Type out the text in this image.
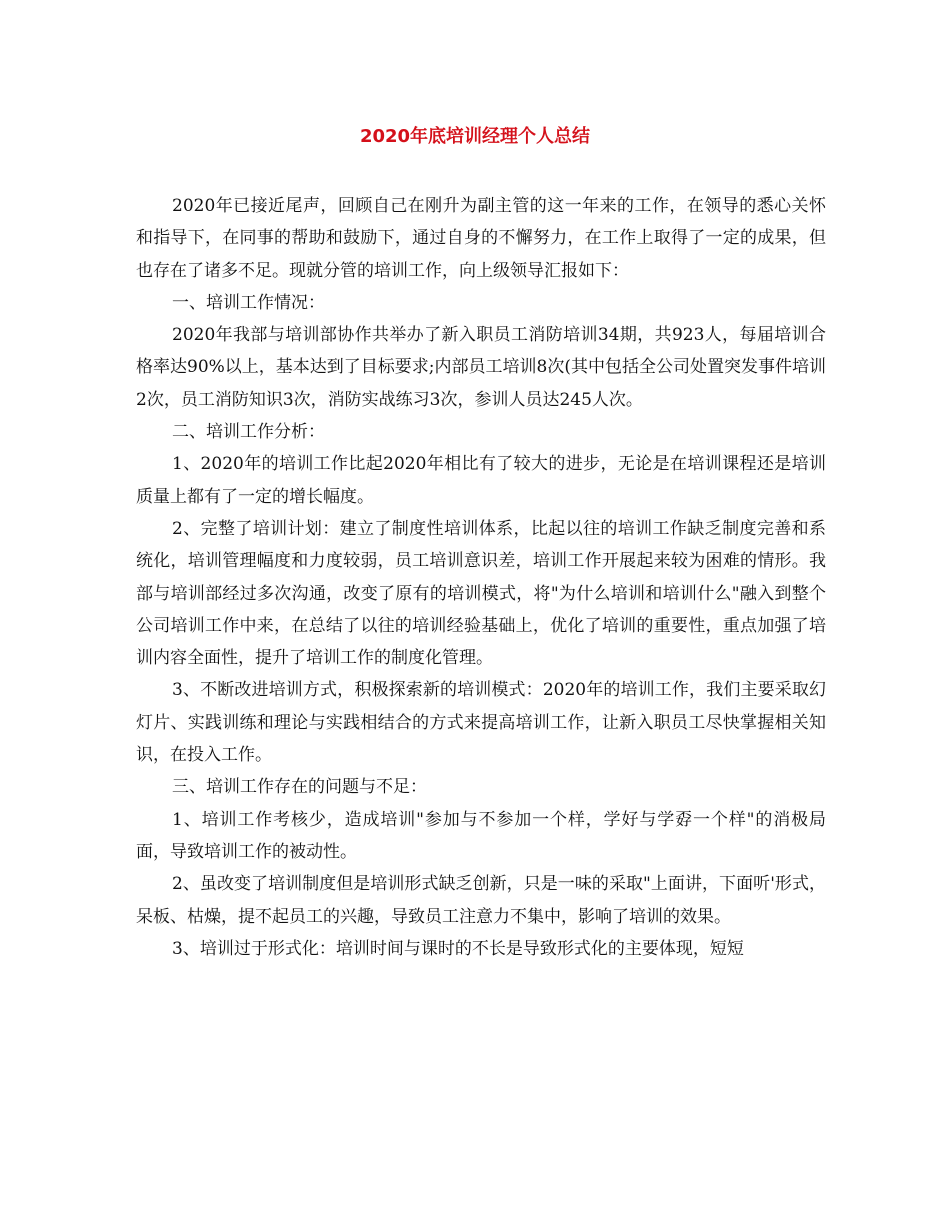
2020年底培训经理个人总结

2020年已接近尾声，回顾自己在刚升为副主管的这一年来的工作，在领导的悉心关怀和指导下，在同事的帮助和鼓励下，通过自身的不懈努力，在工作上取得了一定的成果，但也存在了诸多不足。现就分管的培训工作，向上级领导汇报如下：

一、培训工作情况：

2020年我部与培训部协作共举办了新入职员工消防培训34期，共923人，每届培训合格率达90%以上，基本达到了目标要求;内部员工培训8次(其中包括全公司处置突发事件培训2次，员工消防知识3次，消防实战练习3次，参训人员达245人次。

二、培训工作分析：

1、2020年的培训工作比起2020年相比有了较大的进步，无论是在培训课程还是培训质量上都有了一定的增长幅度。

2、完整了培训计划：建立了制度性培训体系，比起以往的培训工作缺乏制度完善和系统化，培训管理幅度和力度较弱，员工培训意识差，培训工作开展起来较为困难的情形。我部与培训部经过多次沟通，改变了原有的培训模式，将"为什么培训和培训什么"融入到整个公司培训工作中来，在总结了以往的培训经验基础上，优化了培训的重要性，重点加强了培训内容全面性，提升了培训工作的制度化管理。

3、不断改进培训方式，积极探索新的培训模式：2020年的培训工作，我们主要采取幻灯片、实践训练和理论与实践相结合的方式来提高培训工作，让新入职员工尽快掌握相关知识，在投入工作。

三、培训工作存在的问题与不足：

1、培训工作考核少，造成培训"参加与不参加一个样，学好与学孬一个样"的消极局面，导致培训工作的被动性。

2、虽改变了培训制度但是培训形式缺乏创新，只是一味的采取"上面讲，下面听'形式，呆板、枯燥，提不起员工的兴趣，导致员工注意力不集中，影响了培训的效果。

3、培训过于形式化：培训时间与课时的不长是导致形式化的主要体现，短短
